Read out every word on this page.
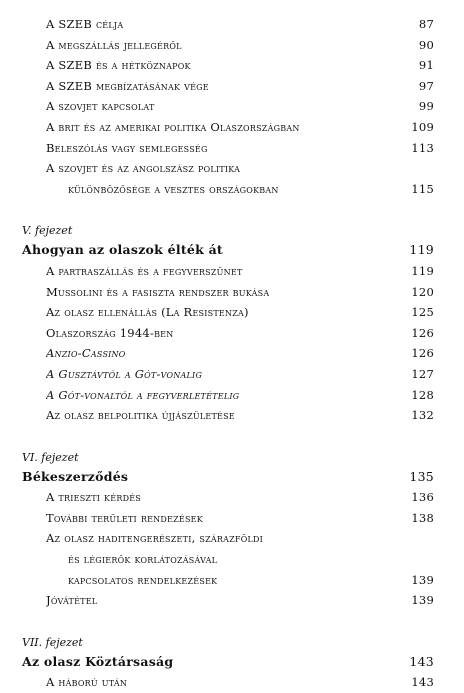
A SZEB célja	87
A megszállás jellegéről	90
A SZEB és a hétköznapok	91
A SZEB megbízatásának vége	97
A szovjet kapcsolat	99
A brit és az amerikai politika Olaszországban	109
Beleszólás vagy semlegesség	113
A szovjet és az angolszász politika
különbözősége a vesztes országokban	115
V. fejezet
Ahogyan az olaszok élték át	119
A partraszállás és a fegyverszünet	119
Mussolini és a fasiszta rendszer bukása	120
Az olasz ellenállás (La Resistenza)	125
Olaszország 1944-ben	126
Anzio-Cassino	126
A Gusztávtól a Gót-vonalig	127
A Gót-vonaltól a fegyverletételig	128
Az olasz belpolitika újjászületése	132
VI. fejezet
Békeszerződés	135
A trieszti kérdés	136
További területi rendezések	138
Az olasz haditengerészeti, szárazföldi
és légierők korlátozásával
kapcsolatos rendelkezések	139
Jóvátétel	139
VII. fejezet
Az olasz Köztársaság	143
A háború után	143
